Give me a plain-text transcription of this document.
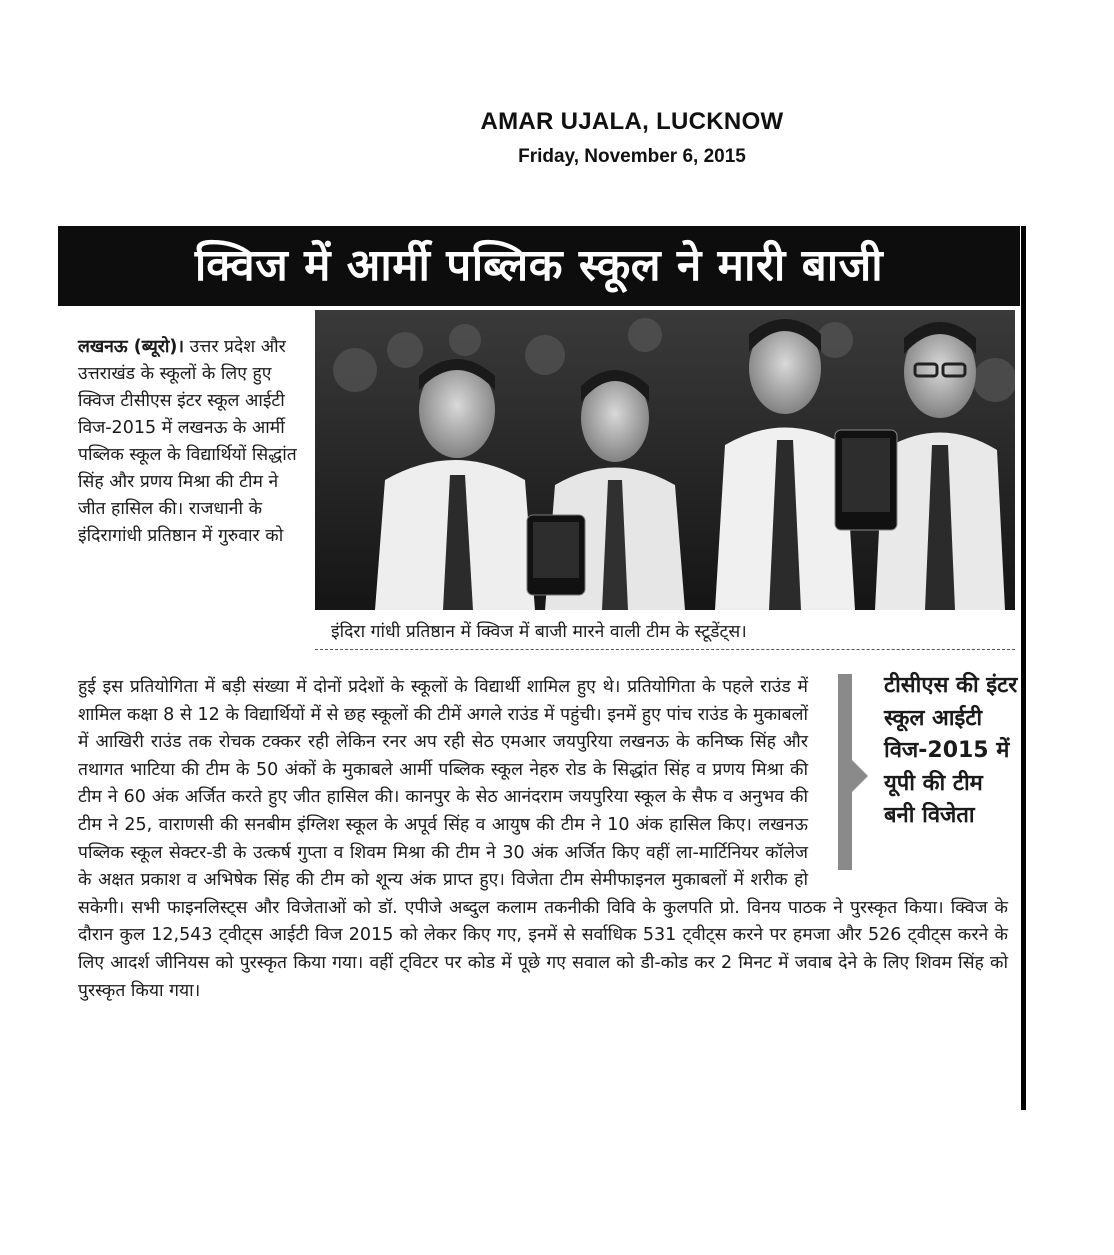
AMAR UJALA, LUCKNOW
Friday, November 6, 2015
क्विज में आर्मी पब्लिक स्कूल ने मारी बाजी
इंदिरा गांधी प्रतिष्ठान में क्विज में बाजी मारने वाली टीम के स्टूडेंट्स।
लखनऊ (ब्यूरो)। उत्तर प्रदेश और उत्तराखंड के स्कूलों के लिए हुए क्विज टीसीएस इंटर स्कूल आईटी विज-2015 में लखनऊ के आर्मी पब्लिक स्कूल के विद्यार्थियों सिद्धांत सिंह और प्रणय मिश्रा की टीम ने जीत हासिल की। राजधानी के इंदिरागांधी प्रतिष्ठान में गुरुवार को
हुई इस प्रतियोगिता में बड़ी संख्या में दोनों प्रदेशों के स्कूलों के विद्यार्थी शामिल हुए थे। प्रतियोगिता के पहले राउंड में शामिल कक्षा 8 से 12 के विद्यार्थियों में से छह स्कूलों की टीमें अगले राउंड में पहुंची। इनमें हुए पांच राउंड के मुकाबलों में आखिरी राउंड तक रोचक टक्कर रही लेकिन रनर अप रही सेठ एमआर जयपुरिया लखनऊ के कनिष्क सिंह और तथागत भाटिया की टीम के 50 अंकों के मुकाबले आर्मी पब्लिक स्कूल नेहरु रोड के सिद्धांत सिंह व प्रणय मिश्रा की टीम ने 60 अंक अर्जित करते हुए जीत हासिल की। कानपुर के सेठ आनंदराम जयपुरिया स्कूल के सैफ व अनुभव की टीम ने 25, वाराणसी की सनबीम इंग्लिश स्कूल के अपूर्व सिंह व आयुष की टीम ने 10 अंक हासिल किए। लखनऊ पब्लिक स्कूल सेक्टर-डी के उत्कर्ष गुप्ता व शिवम मिश्रा की टीम ने 30 अंक अर्जित किए वहीं ला-मार्टिनियर कॉलेज के अक्षत प्रकाश व अभिषेक सिंह की टीम को शून्य अंक प्राप्त हुए। विजेता टीम सेमीफाइनल मुकाबलों में शरीक हो सकेगी। सभी फाइनलिस्ट्स और विजेताओं को डॉ. एपीजे अब्दुल कलाम तकनीकी विवि के कुलपति प्रो. विनय पाठक ने पुरस्कृत किया। क्विज के दौरान कुल 12,543 ट्वीट्स आईटी विज 2015 को लेकर किए गए, इनमें से सर्वाधिक 531 ट्वीट्स करने पर हमजा और 526 ट्वीट्स करने के लिए आदर्श जीनियस को पुरस्कृत किया गया। वहीं ट्विटर पर कोड में पूछे गए सवाल को डी-कोड कर 2 मिनट में जवाब देने के लिए शिवम सिंह को पुरस्कृत किया गया।
टीसीएस की इंटर स्कूल आईटी विज-2015 में यूपी की टीम बनी विजेता
